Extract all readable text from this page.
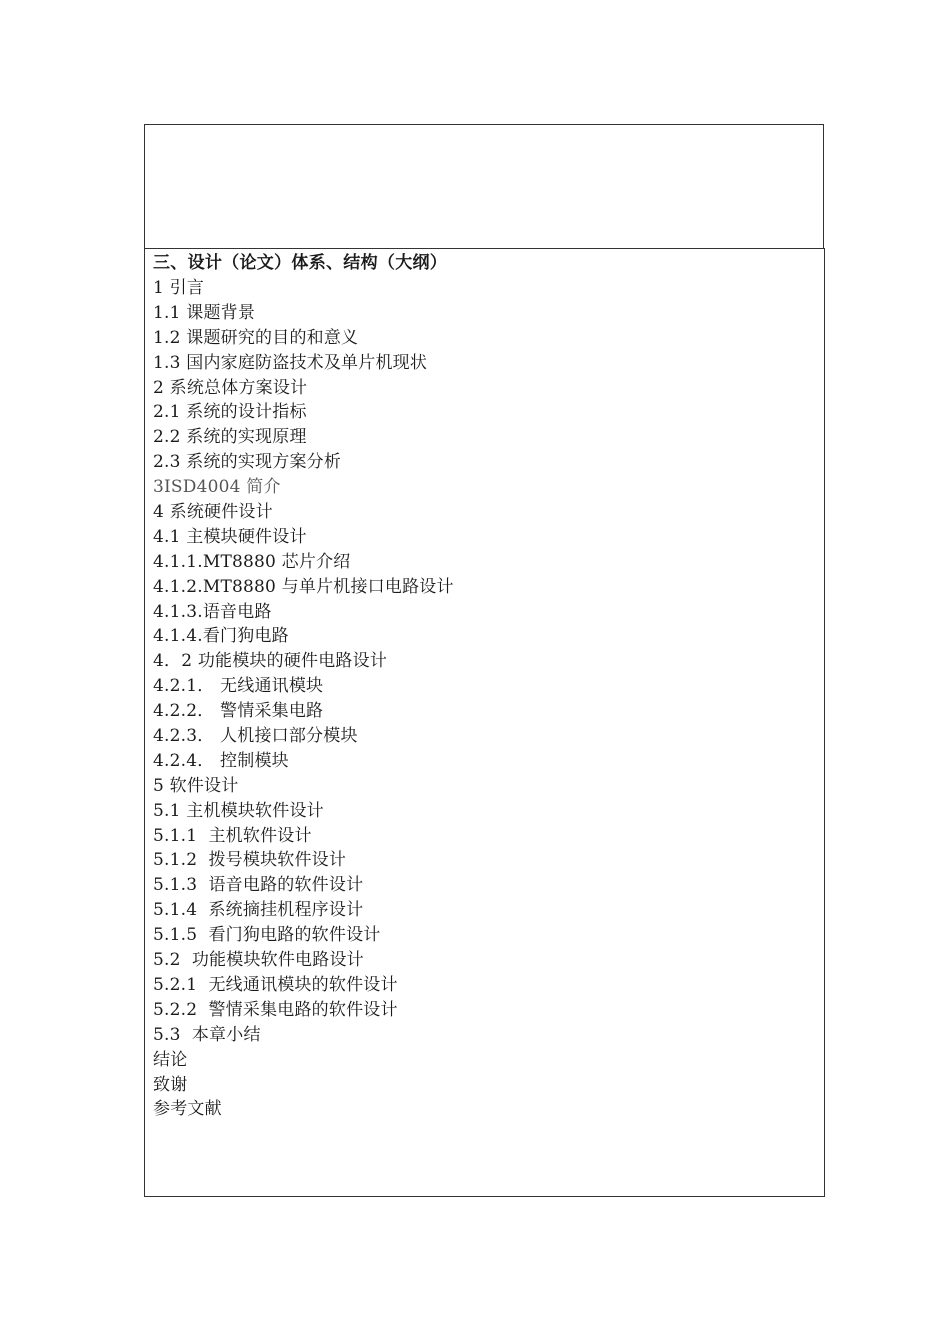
三、设计（论文）体系、结构（大纲）
1 引言
1.1 课题背景
1.2 课题研究的目的和意义
1.3 国内家庭防盗技术及单片机现状
2 系统总体方案设计
2.1 系统的设计指标
2.2 系统的实现原理
2.3 系统的实现方案分析
3ISD4004 简介
4 系统硬件设计
4.1 主模块硬件设计
4.1.1.MT8880 芯片介绍
4.1.2.MT8880 与单片机接口电路设计
4.1.3.语音电路
4.1.4.看门狗电路
4．2 功能模块的硬件电路设计
4.2.1． 无线通讯模块
4.2.2． 警情采集电路
4.2.3． 人机接口部分模块
4.2.4． 控制模块
5 软件设计
5.1 主机模块软件设计
5.1.1  主机软件设计
5.1.2  拨号模块软件设计
5.1.3  语音电路的软件设计
5.1.4  系统摘挂机程序设计
5.1.5  看门狗电路的软件设计
5.2  功能模块软件电路设计
5.2.1  无线通讯模块的软件设计
5.2.2  警情采集电路的软件设计
5.3  本章小结
结论
致谢
参考文献
